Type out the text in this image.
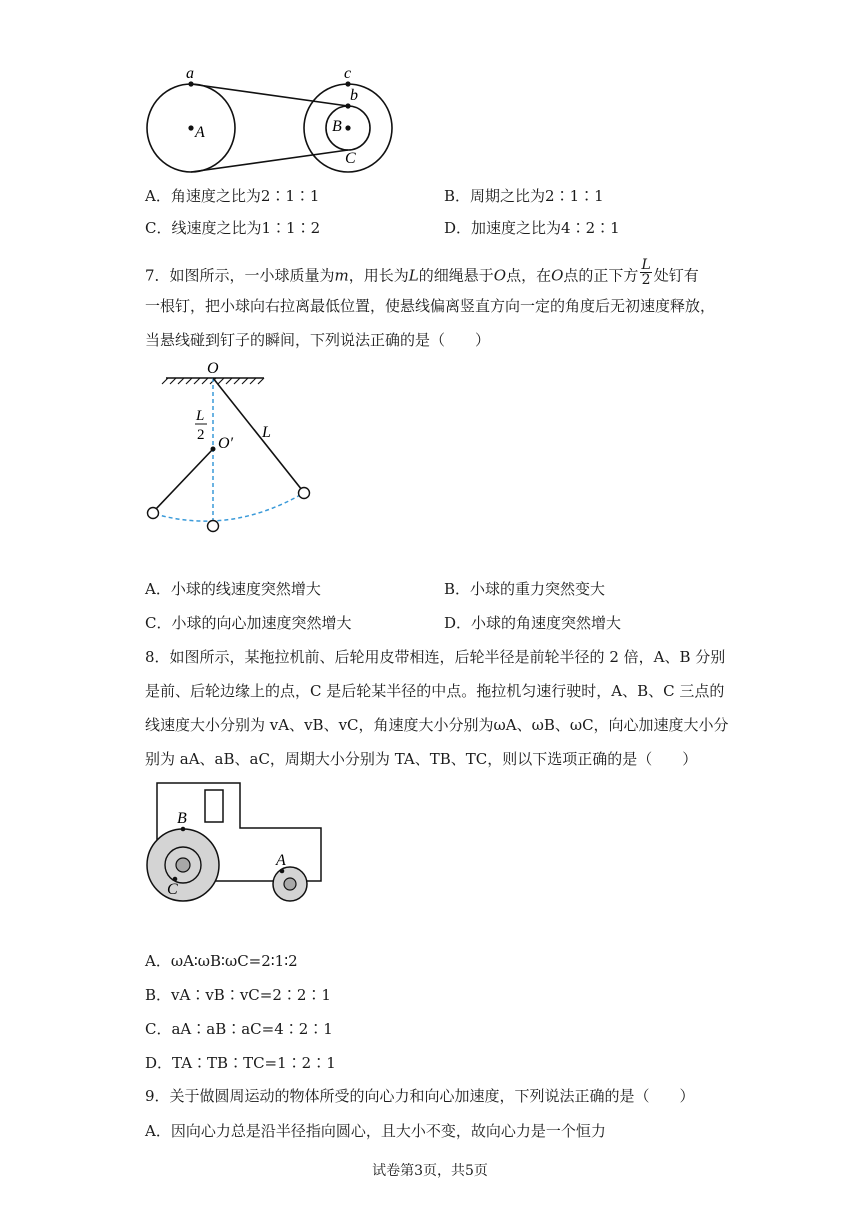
a
A
c
b
B
C
A．角速度之比为2∶1∶1	B．周期之比为2∶1∶1
C．线速度之比为1∶1∶2	D．加速度之比为4∶2∶1
7．如图所示，一小球质量为m，用长为L的细绳悬于O点，在O点的正下方 $\frac{L}{2}$ 处钉有
一根钉，把小球向右拉离最低位置，使悬线偏离竖直方向一定的角度后无初速度释放，
当悬线碰到钉子的瞬间，下列说法正确的是（　　）
O
L
2 O′
L
A．小球的线速度突然增大	B．小球的重力突然变大
C．小球的向心加速度突然增大	D．小球的角速度突然增大
8．如图所示，某拖拉机前、后轮用皮带相连，后轮半径是前轮半径的 2 倍，A、B 分别
是前、后轮边缘上的点，C 是后轮某半径的中点。拖拉机匀速行驶时，A、B、C 三点的
线速度大小分别为 vA、vB、vC，角速度大小分别为ωA、ωB、ωC，向心加速度大小分
别为 aA、aB、aC，周期大小分别为 TA、TB、TC，则以下选项正确的是（　　）
B
C
A
A．ωA∶ωB∶ωC=2∶1∶2
B．vA∶vB∶vC=2∶2∶1
C．aA∶aB∶aC=4∶2∶1
D．TA∶TB∶TC=1∶2∶1
9．关于做圆周运动的物体所受的向心力和向心加速度，下列说法正确的是（　　）
A．因向心力总是沿半径指向圆心，且大小不变，故向心力是一个恒力
试卷第3页，共5页
